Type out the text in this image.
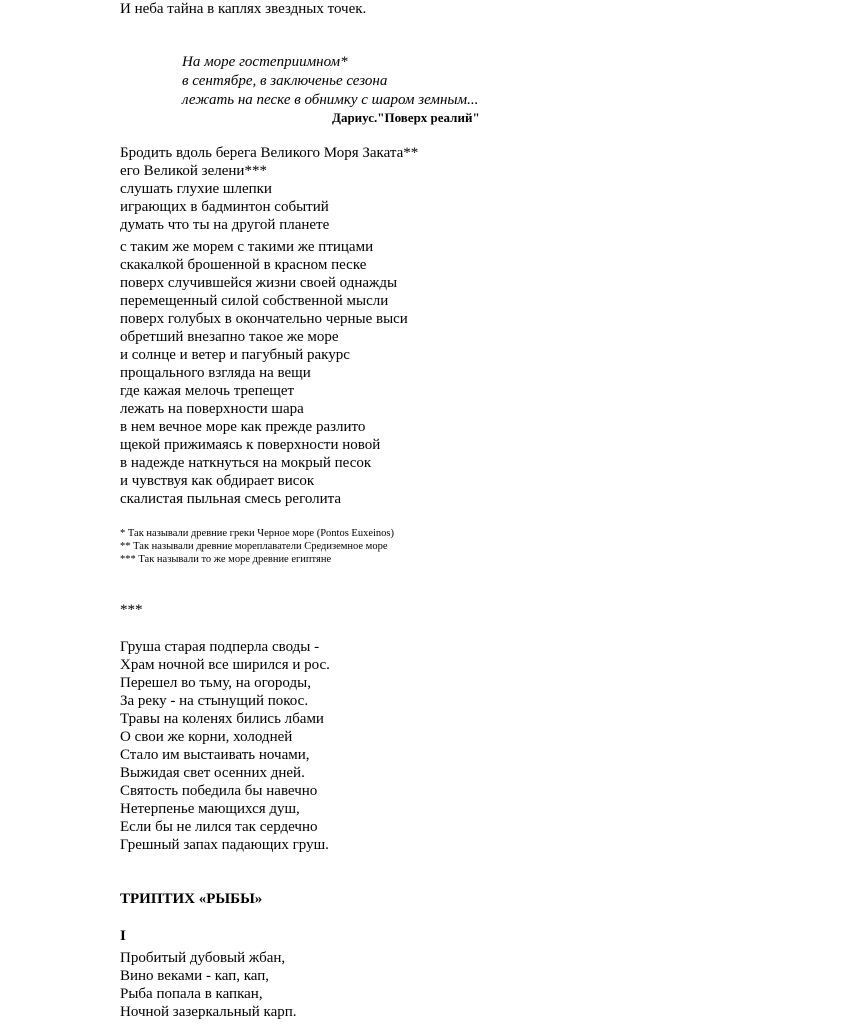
И неба тайна в каплях звездных точек.
На море гостеприимном*
в сентябре, в заключенье сезона
лежать на песке в обнимку с шаром земным...
Дариус."Поверх реалий"
Бродить вдоль берега Великого Моря Заката**
его Великой зелени***
слушать глухие шлепки
играющих в бадминтон событий
думать что ты на другой планете
с таким же морем с такими же птицами
скакалкой брошенной в красном песке
поверх случившейся жизни своей однажды
перемещенный силой собственной мысли
поверх голубых в окончательно черные выси
обретший внезапно такое же море
и солнце и ветер и пагубный ракурс
прощального взгляда на вещи
где кажая мелочь трепещет
лежать на поверхности шара
в нем вечное море как прежде разлито
щекой прижимаясь к поверхности новой
в надежде наткнуться на мокрый песок
и чувствуя как обдирает висок
скалистая пыльная смесь реголита
* Так называли древние греки Черное море (Pontos Euxeinos)
** Так называли древние мореплаватели Средиземное море
*** Так называли то же море древние египтяне
***
Груша старая подперла своды -
Храм ночной все ширился и рос.
Перешел во тьму, на огороды,
За реку - на стынущий покос.
Травы на коленях бились лбами
О свои же корни, холодней
Стало им выстаивать ночами,
Выжидая свет осенних дней.
Святость победила бы навечно
Нетерпенье мающихся душ,
Если бы не лился так сердечно
Грешный запах падающих груш.
ТРИПТИХ «РЫБЫ»
I
Пробитый дубовый жбан,
Вино веками - кап, кап,
Рыба попала в капкан,
Ночной зазеркальный карп.
